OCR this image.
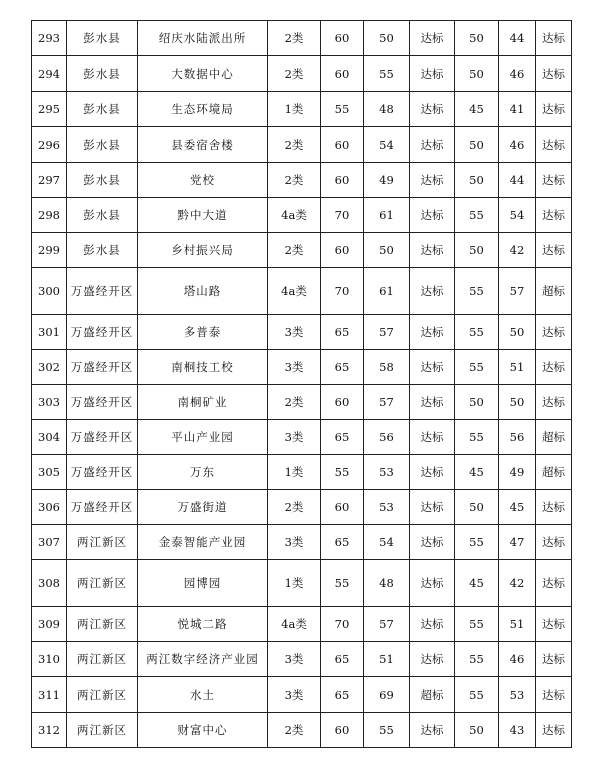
293	彭水县	绍庆水陆派出所	2类	60	50	达标	50	44	达标
294	彭水县	大数据中心	2类	60	55	达标	50	46	达标
295	彭水县	生态环境局	1类	55	48	达标	45	41	达标
296	彭水县	县委宿舍楼	2类	60	54	达标	50	46	达标
297	彭水县	党校	2类	60	49	达标	50	44	达标
298	彭水县	黔中大道	4a类	70	61	达标	55	54	达标
299	彭水县	乡村振兴局	2类	60	50	达标	50	42	达标
300	万盛经开区	塔山路	4a类	70	61	达标	55	57	超标
301	万盛经开区	多普泰	3类	65	57	达标	55	50	达标
302	万盛经开区	南桐技工校	3类	65	58	达标	55	51	达标
303	万盛经开区	南桐矿业	2类	60	57	达标	50	50	达标
304	万盛经开区	平山产业园	3类	65	56	达标	55	56	超标
305	万盛经开区	万东	1类	55	53	达标	45	49	超标
306	万盛经开区	万盛街道	2类	60	53	达标	50	45	达标
307	两江新区	金泰智能产业园	3类	65	54	达标	55	47	达标
308	两江新区	园博园	1类	55	48	达标	45	42	达标
309	两江新区	悦城二路	4a类	70	57	达标	55	51	达标
310	两江新区	两江数字经济产业园	3类	65	51	达标	55	46	达标
311	两江新区	水土	3类	65	69	超标	55	53	达标
312	两江新区	财富中心	2类	60	55	达标	50	43	达标
